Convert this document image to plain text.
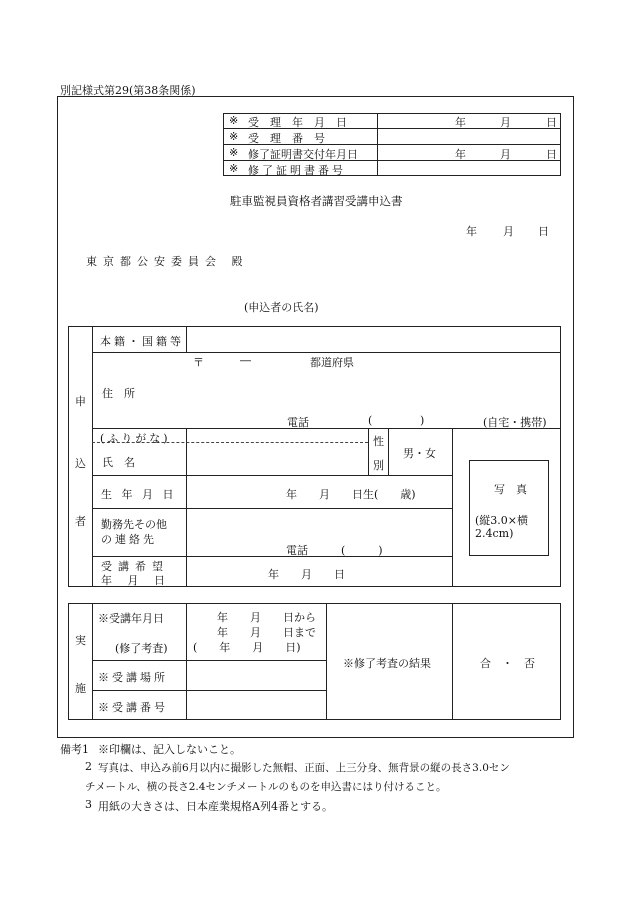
別記様式第29(第38条関係)
※ 受　理　年　月　日	年	月	日
※ 受　理　番　号
※ 修了証明書交付年月日	年	月	日
※ 修了証明書番号
駐車監視員資格者講習受講申込書
年 月 日
東京都公安委員会 殿
(申込者の氏名)
申
込
者
本籍・国籍等
住　所
〒	―	都道府県
電話	(	)	(自宅・携帯)
(ふりがな)
氏　名
性
別
男・女
生 年 月 日	年　　月　　日生(　　歳)
勤務先その他
の連絡先
電話　　　(　　　)
受講希望
年 月 日	年　　月　　日
写　真
(縦3.0×横
2.4cm)
実
施
※受講年月日
(修了考査)
年　　月　　日から
年　　月　　日まで
(　　年　　月　　日)
※受講場所
※受講番号
※修了考査の結果	合　・　否
備考1 ※印欄は、記入しないこと。
2 写真は、申込み前6月以内に撮影した無帽、正面、上三分身、無背景の縦の長さ3.0セン
チメートル、横の長さ2.4センチメートルのものを申込書にはり付けること。
3 用紙の大きさは、日本産業規格A列4番とする。
